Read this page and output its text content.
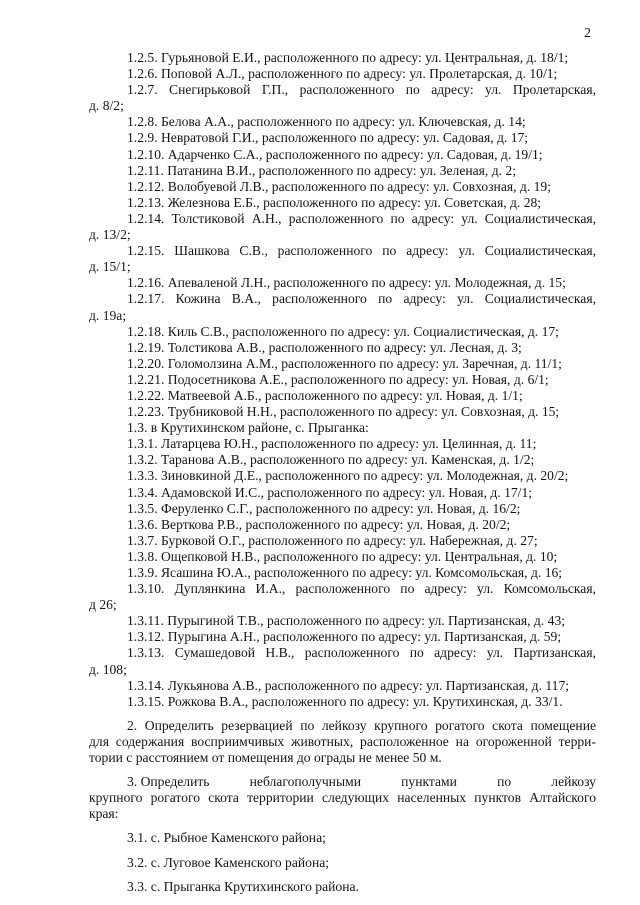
2

1.2.5. Гурьяновой Е.И., расположенного по адресу: ул. Центральная, д. 18/1;

1.2.6. Поповой А.Л., расположенного по адресу: ул. Пролетарская, д. 10/1;

1.2.7. Снегирьковой Г.П., расположенного по адресу: ул. Пролетарская,

д. 8/2;

1.2.8. Белова А.А., расположенного по адресу: ул. Ключевская, д. 14;

1.2.9. Невратовой Г.И., расположенного по адресу: ул. Садовая, д. 17;

1.2.10. Адарченко С.А., расположенного по адресу: ул. Садовая, д. 19/1;

1.2.11. Патанина В.И., расположенного по адресу: ул. Зеленая, д. 2;

1.2.12. Волобуевой Л.В., расположенного по адресу: ул. Совхозная, д. 19;

1.2.13. Железнова Е.Б., расположенного по адресу: ул. Советская, д. 28;

1.2.14. Толстиковой А.Н., расположенного по адресу: ул. Социалистическая,

д. 13/2;

1.2.15. Шашкова С.В., расположенного по адресу: ул. Социалистическая,

д. 15/1;

1.2.16. Апеваленой Л.Н., расположенного по адресу: ул. Молодежная, д. 15;

1.2.17. Кожина В.А., расположенного по адресу: ул. Социалистическая,

д. 19а;

1.2.18. Киль С.В., расположенного по адресу: ул. Социалистическая, д. 17;

1.2.19. Толстикова А.В., расположенного по адресу: ул. Лесная, д. 3;

1.2.20. Голомолзина А.М., расположенного по адресу: ул. Заречная, д. 11/1;

1.2.21. Подосетникова А.Е., расположенного по адресу: ул. Новая, д. 6/1;

1.2.22. Матвеевой А.Б., расположенного по адресу: ул. Новая, д. 1/1;

1.2.23. Трубниковой Н.Н., расположенного по адресу: ул. Совхозная, д. 15;

1.3. в Крутихинском районе, с. Прыганка:

1.3.1. Латарцева Ю.Н., расположенного по адресу: ул. Целинная, д. 11;

1.3.2. Таранова А.В., расположенного по адресу: ул. Каменская, д. 1/2;

1.3.3. Зиновкиной Д.Е., расположенного по адресу: ул. Молодежная, д. 20/2;

1.3.4. Адамовской И.С., расположенного по адресу: ул. Новая, д. 17/1;

1.3.5. Феруленко С.Г., расположенного по адресу: ул. Новая, д. 16/2;

1.3.6. Верткова Р.В., расположенного по адресу: ул. Новая, д. 20/2;

1.3.7. Бурковой О.Г., расположенного по адресу: ул. Набережная, д. 27;

1.3.8. Ощепковой Н.В., расположенного по адресу: ул. Центральная, д. 10;

1.3.9. Ясашина Ю.А., расположенного по адресу: ул. Комсомольская, д. 16;

1.3.10. Дуплянкина И.А., расположенного по адресу: ул. Комсомольская,

д 26;

1.3.11. Пурыгиной Т.В., расположенного по адресу: ул. Партизанская, д. 43;

1.3.12. Пурыгина А.Н., расположенного по адресу: ул. Партизанская, д. 59;

1.3.13. Сумашедовой Н.В., расположенного по адресу: ул. Партизанская,

д. 108;

1.3.14. Лукьянова А.В., расположенного по адресу: ул. Партизанская, д. 117;

1.3.15. Рожкова В.А., расположенного по адресу: ул. Крутихинская, д. 33/1.

2. Определить резервацией по лейкозу крупного рогатого скота помещение

для содержания восприимчивых животных, расположенное на огороженной терри-

тории с расстоянием от помещения до ограды не менее 50 м.

3. Определить	неблагополучными	пунктами	по	лейкозу

крупного рогатого скота территории следующих населенных пунктов Алтайского

края:

3.1. с. Рыбное Каменского района;

3.2. с. Луговое Каменского района;

3.3. с. Прыганка Крутихинского района.
